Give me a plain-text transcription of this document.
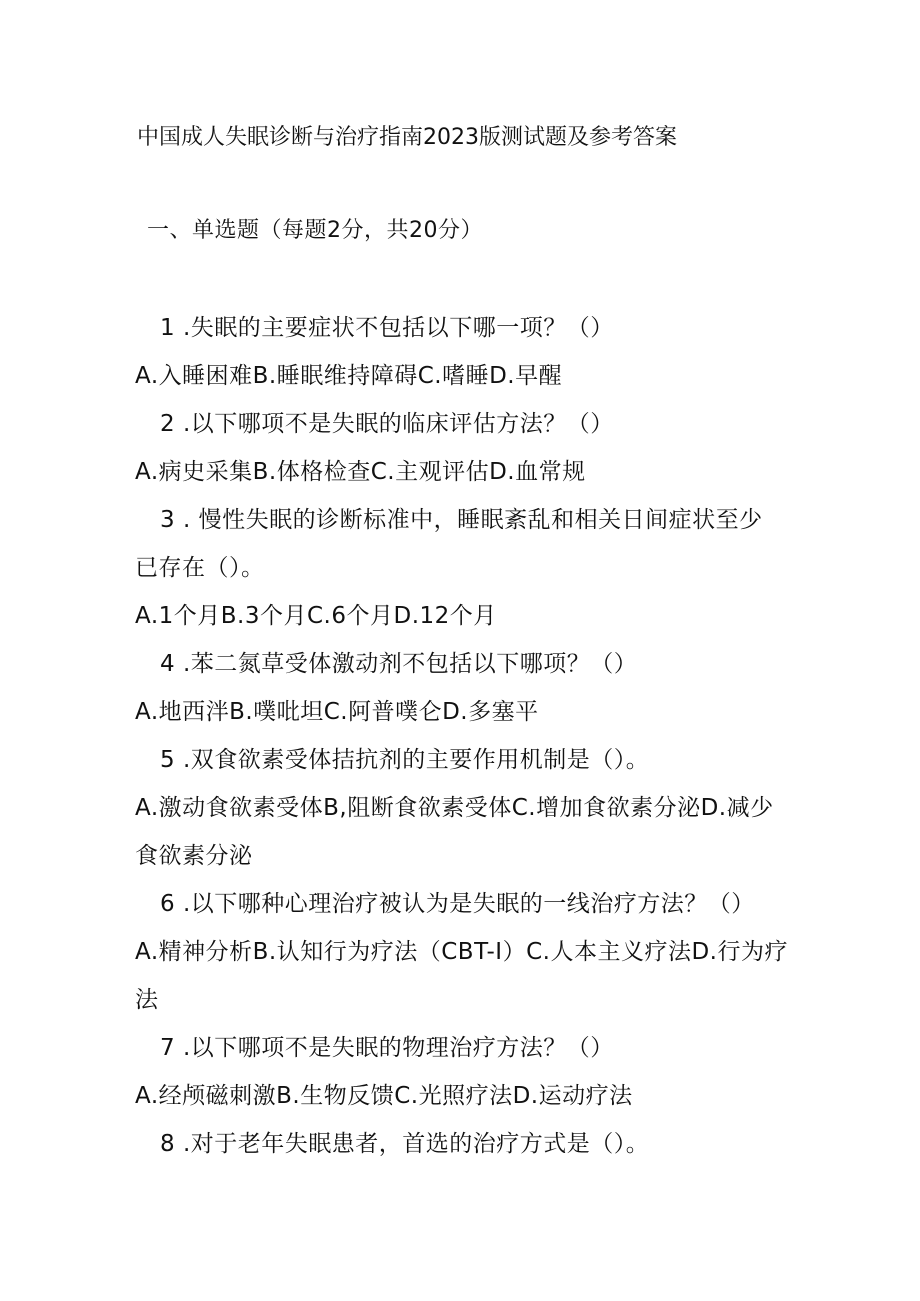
中国成人失眠诊断与治疗指南2023版测试题及参考答案
一、单选题（每题2分，共20分）
1 .失眠的主要症状不包括以下哪一项？（）
A.入睡困难B.睡眠维持障碍C.嗜睡D.早醒
2 .以下哪项不是失眠的临床评估方法？（）
A.病史采集B.体格检查C.主观评估D.血常规
3 . 慢性失眠的诊断标准中，睡眠紊乱和相关日间症状至少
已存在（）。
A.1个月B.3个月C.6个月D.12个月
4 .苯二氮草受体激动剂不包括以下哪项？（）
A.地西泮B.噗吡坦C.阿普噗仑D.多塞平
5 .双食欲素受体拮抗剂的主要作用机制是（）。
A.激动食欲素受体B,阻断食欲素受体C.增加食欲素分泌D.减少
食欲素分泌
6 .以下哪种心理治疗被认为是失眠的一线治疗方法？（）
A.精神分析B.认知行为疗法（CBT-I）C.人本主义疗法D.行为疗
法
7 .以下哪项不是失眠的物理治疗方法？（）
A.经颅磁刺激B.生物反馈C.光照疗法D.运动疗法
8 .对于老年失眠患者，首选的治疗方式是（）。
